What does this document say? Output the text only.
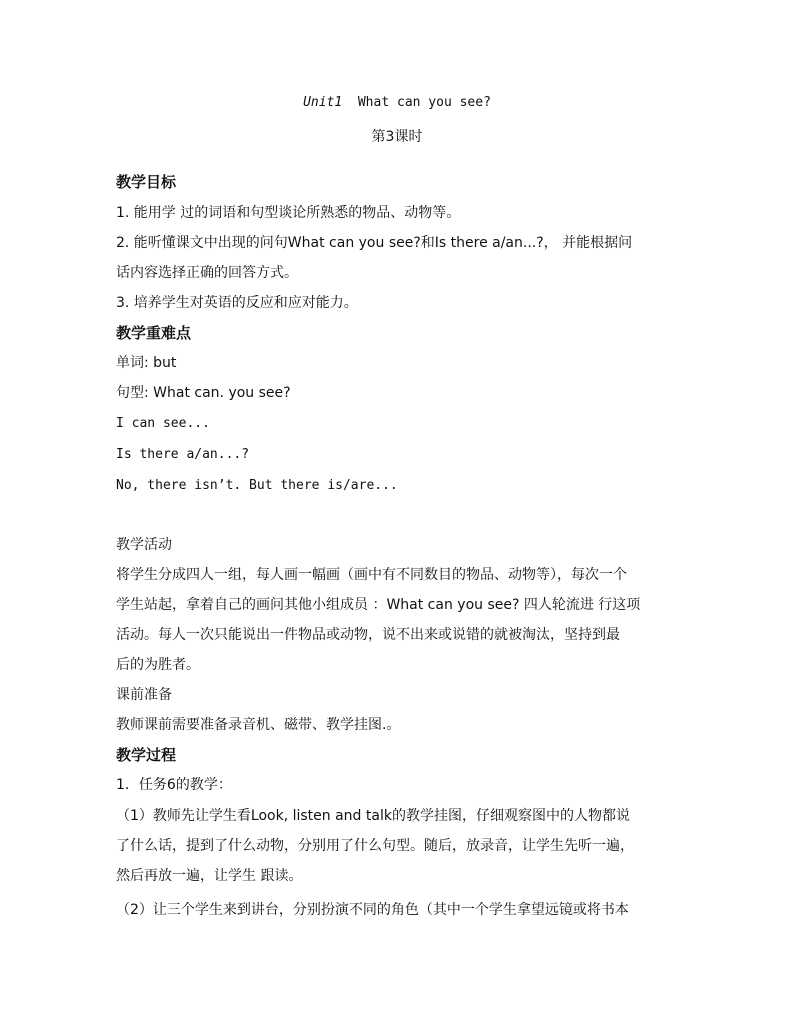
Unit1 What can you see?
第3课时
教学目标
1. 能用学 过的词语和句型谈论所熟悉的物品、动物等。
2. 能听懂课文中出现的问句What can you see?和Is there a/an...?， 并能根据问
话内容选择正确的回答方式。
3. 培养学生对英语的反应和应对能力。
教学重难点
单词: but
句型: What can. you see?
I can see...
Is there a/an...?
No, there isn’t. But there is/are...
教学活动
将学生分成四人一组，每人画一幅画（画中有不同数目的物品、动物等），每次一个
学生站起，拿着自己的画问其他小组成员 ：What can you see? 四人轮流进 行这项
活动。每人一次只能说出一件物品或动物，说不出来或说错的就被淘汰，坚持到最
后的为胜者。
课前准备
教师课前需要准备录音机、磁带、教学挂图.。
教学过程
1．任务6的教学：
（1）教师先让学生看Look, listen and talk的教学挂图，仔细观察图中的人物都说
了什么话，提到了什么动物，分别用了什么句型。随后，放录音，让学生先听一遍，
然后再放一遍，让学生 跟读。
（2）让三个学生来到讲台，分别扮演不同的角色（其中一个学生拿望远镜或将书本
